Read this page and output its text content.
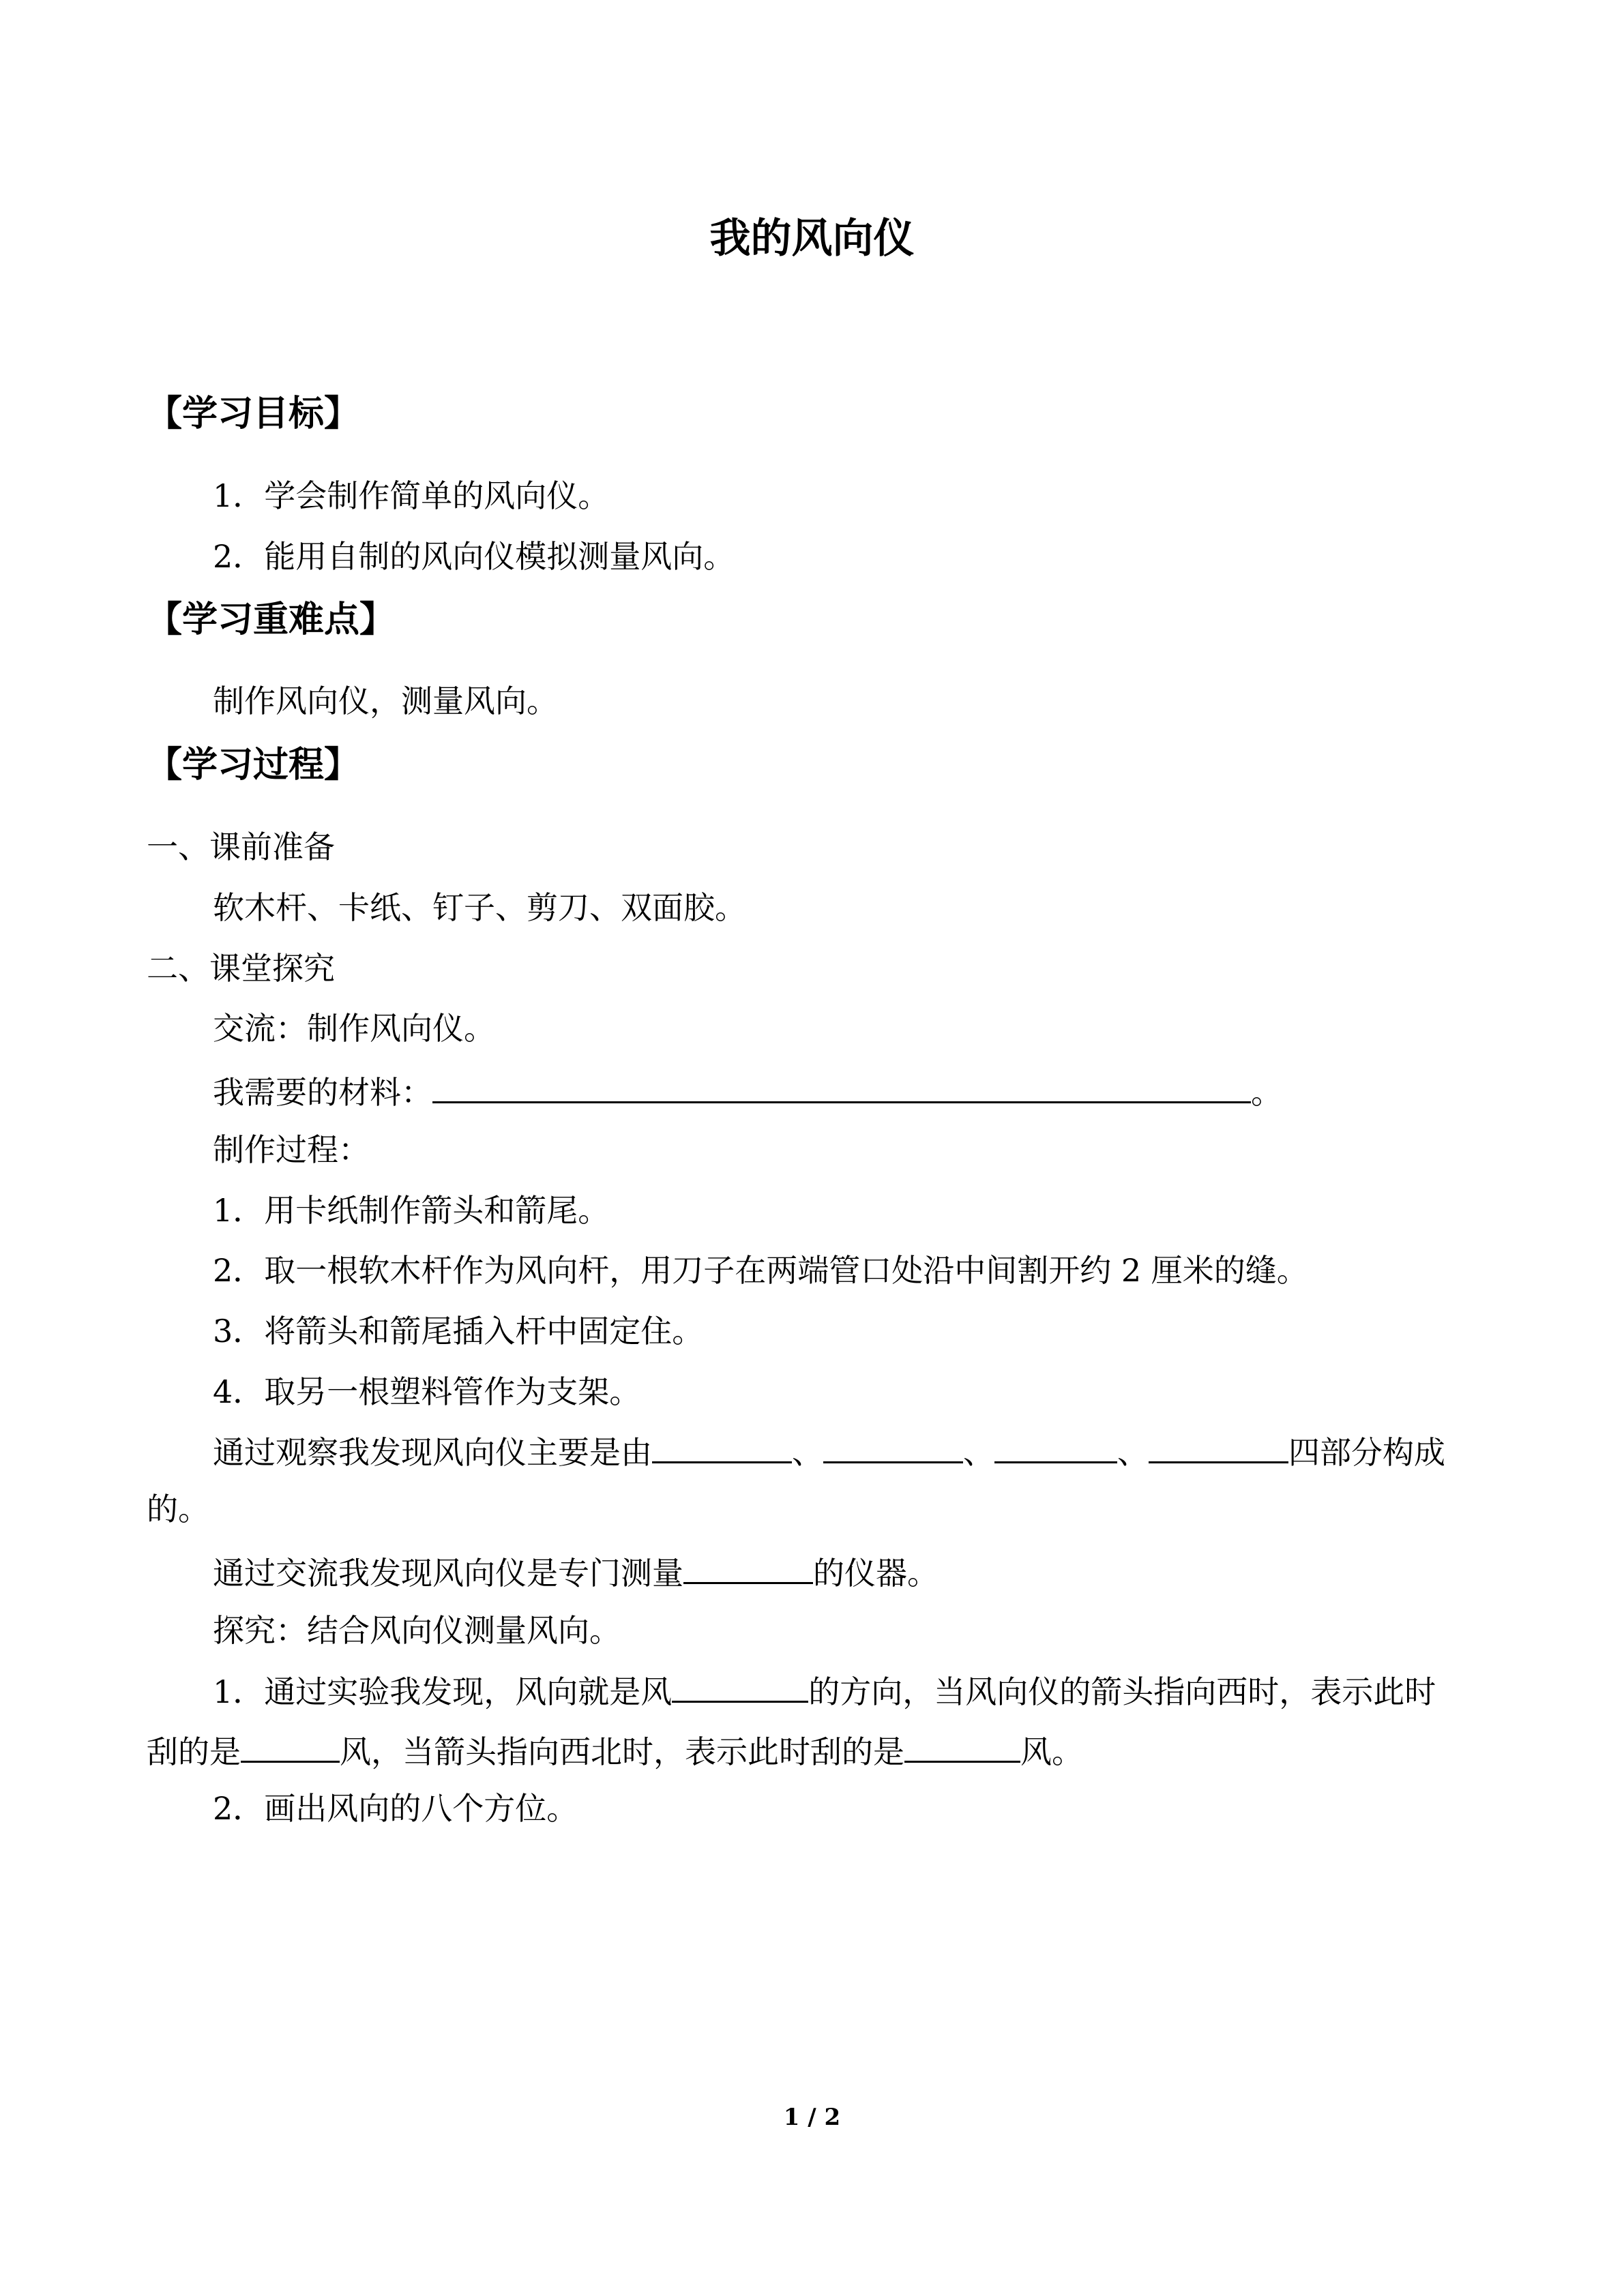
我的风向仪
【学习目标】
1．学会制作简单的风向仪。
2．能用自制的风向仪模拟测量风向。
【学习重难点】
制作风向仪，测量风向。
【学习过程】
一、课前准备
软木杆、卡纸、钉子、剪刀、双面胶。
二、课堂探究
交流：制作风向仪。
我需要的材料：	。
制作过程：
1．用卡纸制作箭头和箭尾。
2．取一根软木杆作为风向杆，用刀子在两端管口处沿中间割开约 2 厘米的缝。
3．将箭头和箭尾插入杆中固定住。
4．取另一根塑料管作为支架。
通过观察我发现风向仪主要是由	、	、	、	四部分构成
的。
通过交流我发现风向仪是专门测量	的仪器。
探究：结合风向仪测量风向。
1．通过实验我发现，风向就是风	的方向，当风向仪的箭头指向西时，表示此时
刮的是	风，当箭头指向西北时，表示此时刮的是	风。
2．画出风向的八个方位。
1 / 2
